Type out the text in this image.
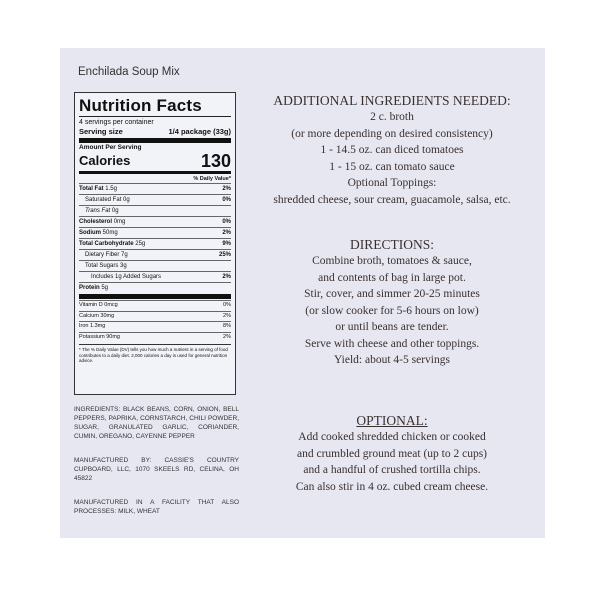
Enchilada Soup Mix
Nutrition Facts
4 servings per container
Serving size	1/4 package (33g)
Amount Per Serving
Calories	130
% Daily Value*
Total Fat 1.5g	2%
Saturated Fat 0g	0%
Trans Fat 0g
Cholesterol 0mg	0%
Sodium 50mg	2%
Total Carbohydrate 25g	9%
Dietary Fiber 7g	25%
Total Sugars 3g
Includes 1g Added Sugars	2%
Protein 5g
Vitamin D 0mcg	0%
Calcium 30mg	2%
Iron 1.3mg	8%
Potassium 90mg	2%
* The % Daily Value (DV) tells you how much a nutrient in a serving of food contributes to a daily diet. 2,000 calories a day is used for general nutrition advice.
INGREDIENTS: BLACK BEANS, CORN, ONION, BELL PEPPERS, PAPRIKA, CORNSTARCH, CHILI POWDER, SUGAR, GRANULATED GARLIC, CORIANDER, CUMIN, OREGANO, CAYENNE PEPPER
MANUFACTURED BY: CASSIE'S COUNTRY CUPBOARD, LLC, 1070 SKEELS RD, CELINA, OH 45822
MANUFACTURED IN A FACILITY THAT ALSO PROCESSES: MILK, WHEAT
ADDITIONAL INGREDIENTS NEEDED:
2 c. broth
(or more depending on desired consistency)
1 - 14.5 oz. can diced tomatoes
1 - 15 oz. can tomato sauce
Optional Toppings:
shredded cheese, sour cream, guacamole, salsa, etc.
DIRECTIONS:
Combine broth, tomatoes & sauce,
and contents of bag in large pot.
Stir, cover, and simmer 20-25 minutes
(or slow cooker for 5-6 hours on low)
or until beans are tender.
Serve with cheese and other toppings.
Yield: about 4-5 servings
OPTIONAL:
Add cooked shredded chicken or cooked
and crumbled ground meat (up to 2 cups)
and a handful of crushed tortilla chips.
Can also stir in 4 oz. cubed cream cheese.
